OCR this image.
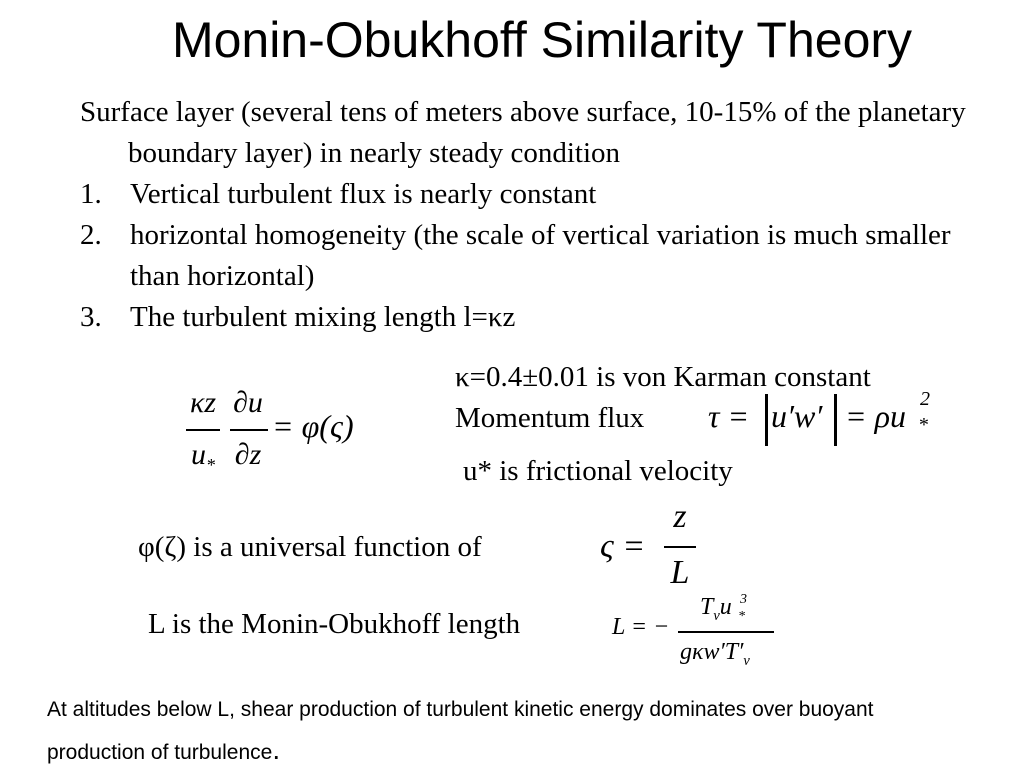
Monin-Obukhoff Similarity Theory
Surface layer (several tens of meters above surface, 10-15% of the planetary boundary layer) in nearly steady condition
1. Vertical turbulent flux is nearly constant
2. horizontal homogeneity (the scale of vertical variation is much smaller than horizontal)
3. The turbulent mixing length l=κz
κ=0.4±0.01 is von Karman constant
Momentum flux
u* is frictional velocity
κz
$u_*$
∂u
∂z
= φ(ς)	τ = u′w′ = ρu 2
*
φ(ζ) is a universal function of	ς =
z
L
L is the Monin-Obukhoff length	L = −
$T_vu$ 3
*
$g\kappa w'T'_v$
At altitudes below L, shear production of turbulent kinetic energy dominates over buoyant production of turbulence.
